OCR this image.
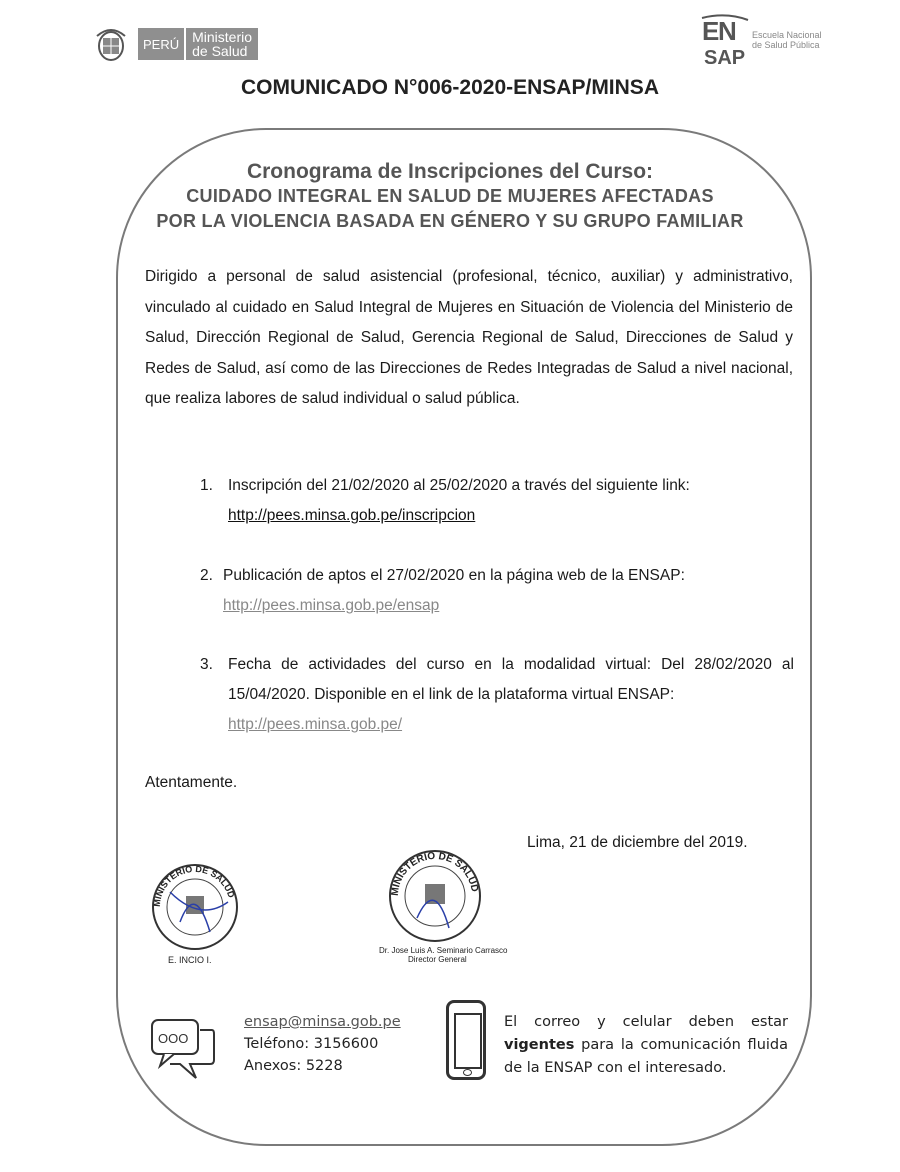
PERÚ Ministerio
de Salud
E
N
SAP
Escuela Nacional
de Salud Pública
COMUNICADO N°006-2020-ENSAP/MINSA
Cronograma de Inscripciones del Curso:
CUIDADO INTEGRAL EN SALUD DE MUJERES AFECTADAS
POR LA VIOLENCIA BASADA EN GÉNERO Y SU GRUPO FAMILIAR
Dirigido a personal de salud asistencial (profesional, técnico, auxiliar) y administrativo, vinculado al cuidado en Salud Integral de Mujeres en Situación de Violencia del Ministerio de Salud, Dirección Regional de Salud, Gerencia Regional de Salud, Direcciones de Salud y Redes de Salud, así como de las Direcciones de Redes Integradas de Salud a nivel nacional, que realiza labores de salud individual o salud pública.
1. Inscripción del 21/02/2020 al 25/02/2020 a través del siguiente link:
http://pees.minsa.gob.pe/inscripcion
2. Publicación de aptos el 27/02/2020 en la página web de la ENSAP:
http://pees.minsa.gob.pe/ensap
3. Fecha de actividades del curso en la modalidad virtual: Del 28/02/2020 al 15/04/2020. Disponible en el link de la plataforma virtual ENSAP:
http://pees.minsa.gob.pe/
Atentamente.
Lima, 21 de diciembre del 2019.
MINISTERIO DE SALUD
E. INCIO I.
MINISTERIO DE SALUD
Dr. Jose Luis A. Seminario Carrasco
Director General
OOO
ensap@minsa.gob.pe
Teléfono: 3156600
Anexos: 5228
El correo y celular deben estar vigentes para la comunicación fluida de la ENSAP con el interesado.
